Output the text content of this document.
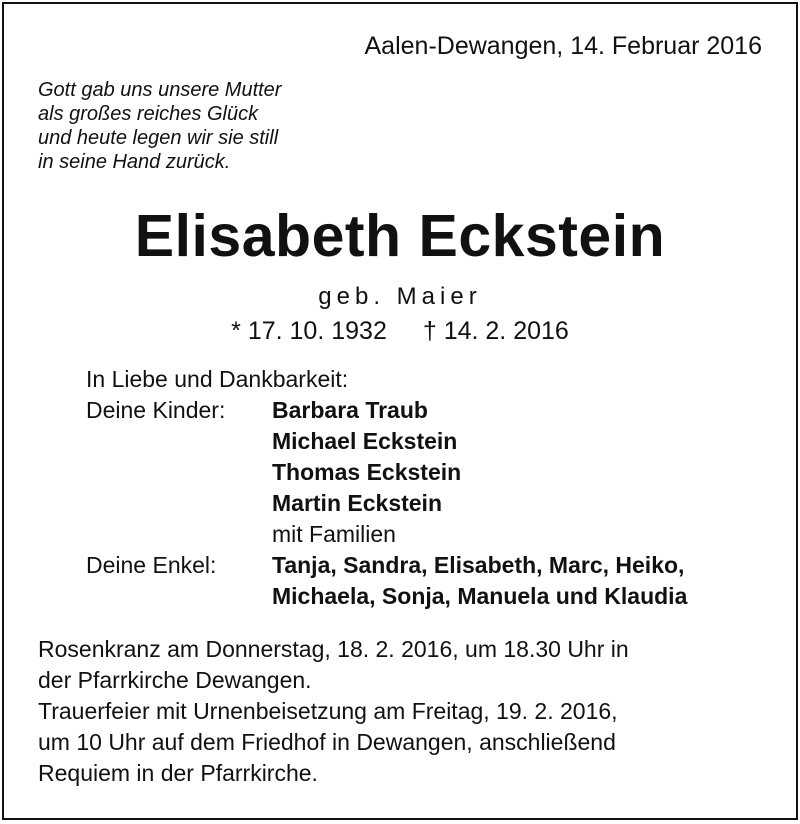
Aalen-Dewangen, 14. Februar 2016
Gott gab uns unsere Mutter
als großes reiches Glück
und heute legen wir sie still
in seine Hand zurück.
Elisabeth Eckstein
geb. Maier
* 17. 10. 1932 † 14. 2. 2016
In Liebe und Dankbarkeit:
Deine Kinder:	Barbara Traub
Michael Eckstein
Thomas Eckstein
Martin Eckstein
mit Familien
Deine Enkel:	Tanja, Sandra, Elisabeth, Marc, Heiko,
Michaela, Sonja, Manuela und Klaudia

Rosenkranz am Donnerstag, 18. 2. 2016, um 18.30 Uhr in

der Pfarrkirche Dewangen.

Trauerfeier mit Urnenbeisetzung am Freitag, 19. 2. 2016,

um 10 Uhr auf dem Friedhof in Dewangen, anschließend

Requiem in der Pfarrkirche.
